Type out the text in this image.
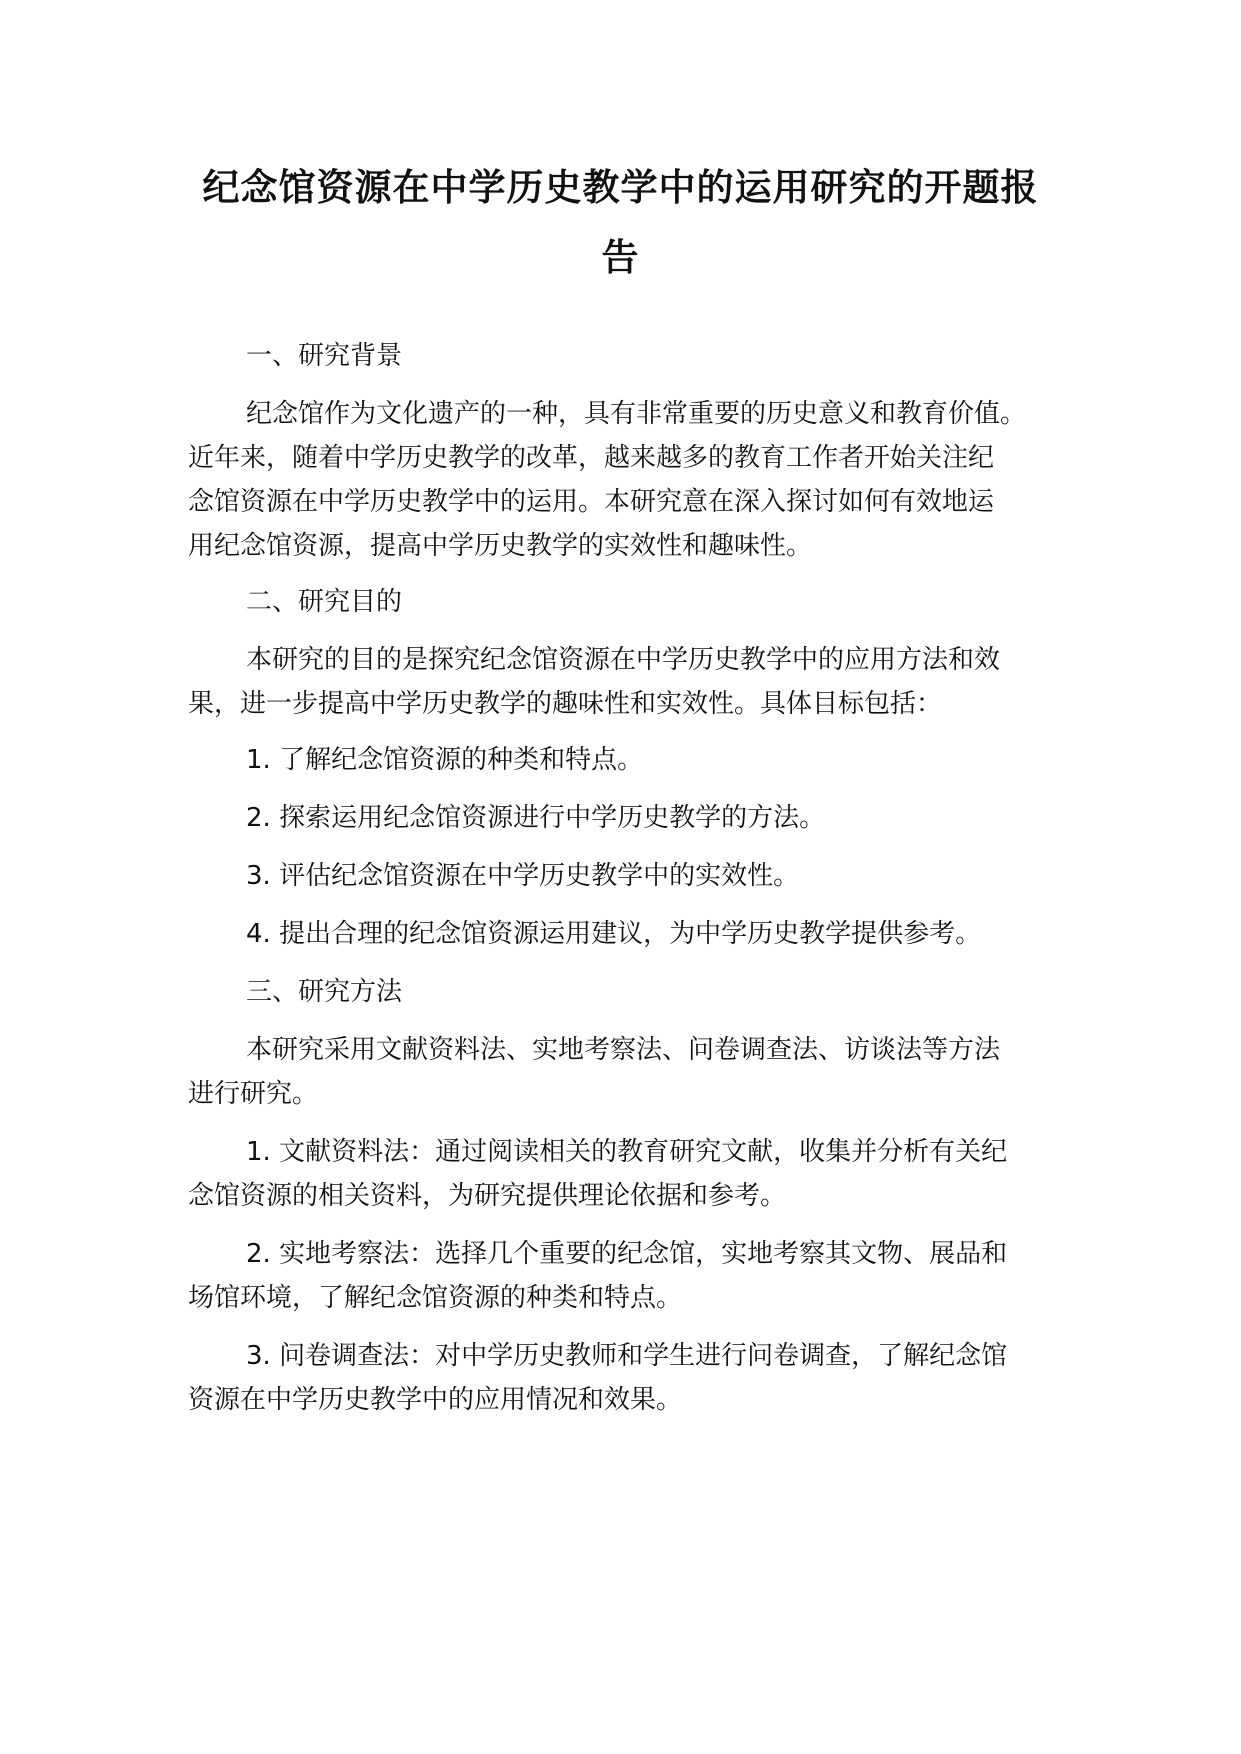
纪念馆资源在中学历史教学中的运用研究的开题报
告

一、研究背景

纪念馆作为文化遗产的一种，具有非常重要的历史意义和教育价值。

近年来，随着中学历史教学的改革，越来越多的教育工作者开始关注纪

念馆资源在中学历史教学中的运用。本研究意在深入探讨如何有效地运

用纪念馆资源，提高中学历史教学的实效性和趣味性。

二、研究目的

本研究的目的是探究纪念馆资源在中学历史教学中的应用方法和效

果，进一步提高中学历史教学的趣味性和实效性。具体目标包括：

1. 了解纪念馆资源的种类和特点。

2. 探索运用纪念馆资源进行中学历史教学的方法。

3. 评估纪念馆资源在中学历史教学中的实效性。

4. 提出合理的纪念馆资源运用建议，为中学历史教学提供参考。

三、研究方法

本研究采用文献资料法、实地考察法、问卷调查法、访谈法等方法

进行研究。

1. 文献资料法：通过阅读相关的教育研究文献，收集并分析有关纪

念馆资源的相关资料，为研究提供理论依据和参考。

2. 实地考察法：选择几个重要的纪念馆，实地考察其文物、展品和

场馆环境，了解纪念馆资源的种类和特点。

3. 问卷调查法：对中学历史教师和学生进行问卷调查，了解纪念馆

资源在中学历史教学中的应用情况和效果。
